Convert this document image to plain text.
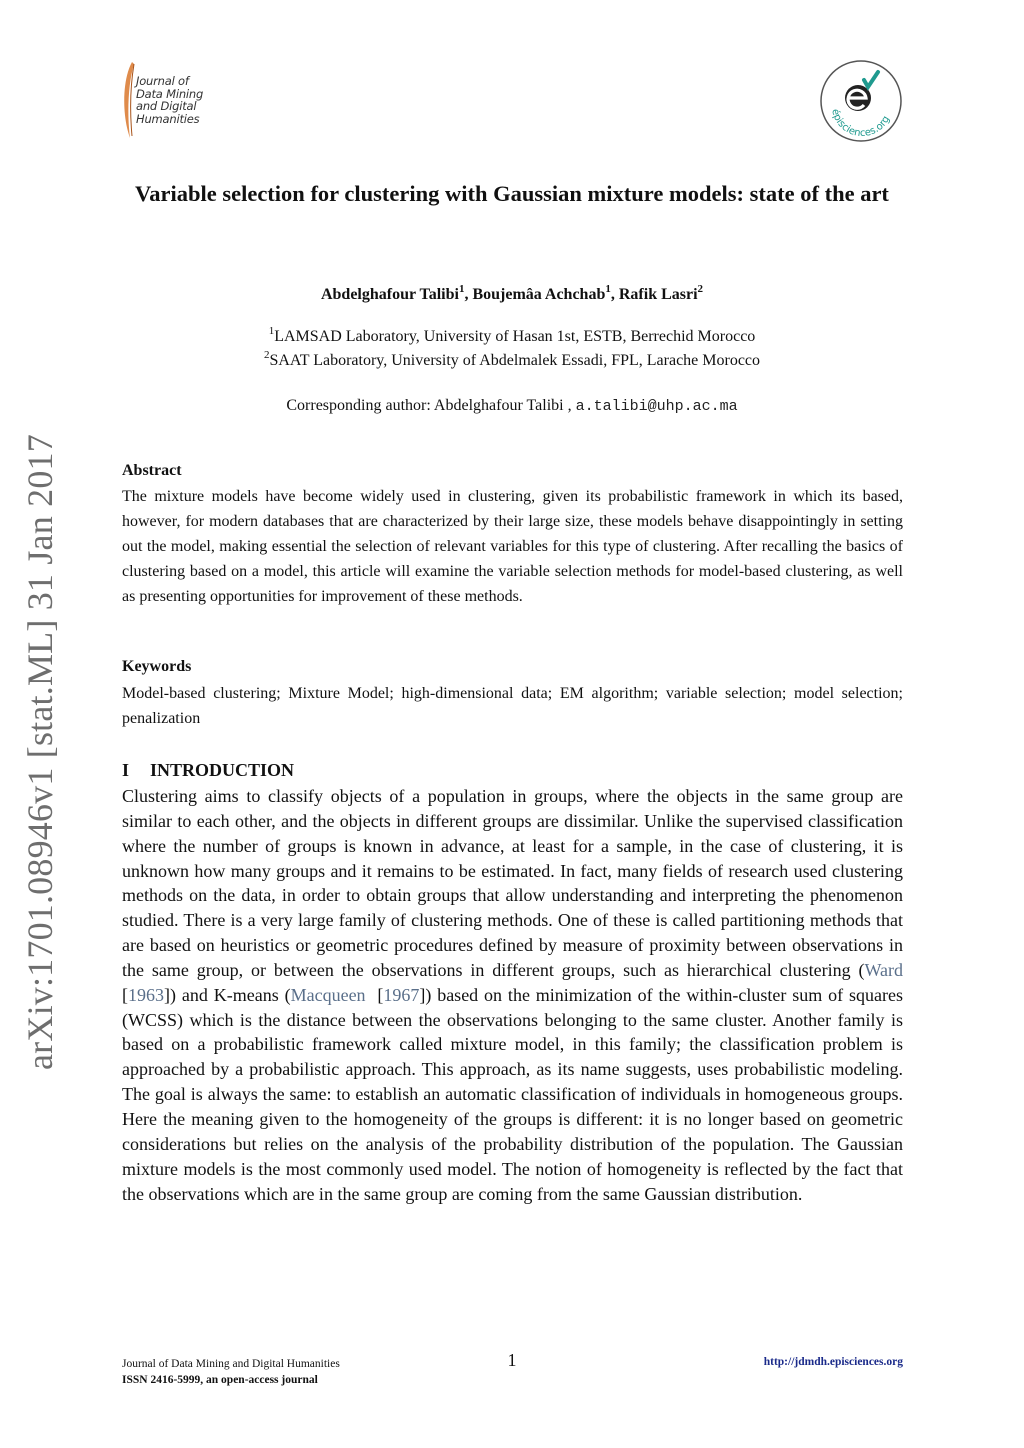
Journal of
Data Mining
and Digital
Humanities	épisciences.org
Variable selection for clustering with Gaussian mixture models: state of the art
Abdelghafour Talibi$^1$, Boujemâa Achchab$^1$, Rafik Lasri$^2$
$^1$LAMSAD Laboratory, University of Hasan 1st, ESTB, Berrechid Morocco
$^2$SAAT Laboratory, University of Abdelmalek Essadi, FPL, Larache Morocco
Corresponding author: Abdelghafour Talibi , a.talibi@uhp.ac.ma
arXiv:1701.08946v1 [stat.ML] 31 Jan 2017	Abstract
The mixture models have become widely used in clustering, given its probabilistic framework in which its based, however, for modern databases that are characterized by their large size, these models behave disappointingly in setting out the model, making essential the selection of relevant variables for this type of clustering. After recalling the basics of clustering based on a model, this article will examine the variable selection methods for model-based clustering, as well as presenting opportunities for improvement of these methods.
Keywords
Model-based clustering; Mixture Model; high-dimensional data; EM algorithm; variable selection; model selection; penalization
I INTRODUCTION
Clustering aims to classify objects of a population in groups, where the objects in the same group are similar to each other, and the objects in different groups are dissimilar. Unlike the supervised classification where the number of groups is known in advance, at least for a sample, in the case of clustering, it is unknown how many groups and it remains to be estimated. In fact, many fields of research used clustering methods on the data, in order to obtain groups that allow understanding and interpreting the phenomenon studied. There is a very large family of clustering methods. One of these is called partitioning methods that are based on heuristics or geometric procedures defined by measure of proximity between observations in the same group, or between the observations in different groups, such as hierarchical clustering (Ward [1963]) and K-means (Macqueen  [1967]) based on the minimization of the within-cluster sum of squares (WCSS) which is the distance between the observations belonging to the same cluster. Another family is based on a probabilistic framework called mixture model, in this family; the classification problem is approached by a probabilistic approach. This approach, as its name suggests, uses probabilistic modeling. The goal is always the same: to establish an automatic classification of individuals in homogeneous groups. Here the meaning given to the homogeneity of the groups is different: it is no longer based on geometric considerations but relies on the analysis of the probability distribution of the population. The Gaussian mixture models is the most commonly used model. The notion of homogeneity is reflected by the fact that the observations which are in the same group are coming from the same Gaussian distribution.
Journal of Data Mining and Digital Humanities
ISSN 2416-5999, an open-access journal
1	http://jdmdh.episciences.org
